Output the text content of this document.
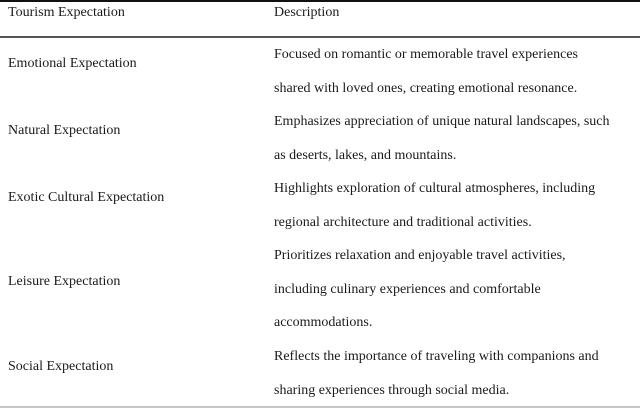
Tourism Expectation	Description
Emotional Expectation
Focused on romantic or memorable travel experiences
shared with loved ones, creating emotional resonance.
Natural Expectation
Emphasizes appreciation of unique natural landscapes, such
as deserts, lakes, and mountains.
Exotic Cultural Expectation
Highlights exploration of cultural atmospheres, including
regional architecture and traditional activities.
Leisure Expectation
Prioritizes relaxation and enjoyable travel activities,
including culinary experiences and comfortable
accommodations.
Social Expectation
Reflects the importance of traveling with companions and
sharing experiences through social media.
